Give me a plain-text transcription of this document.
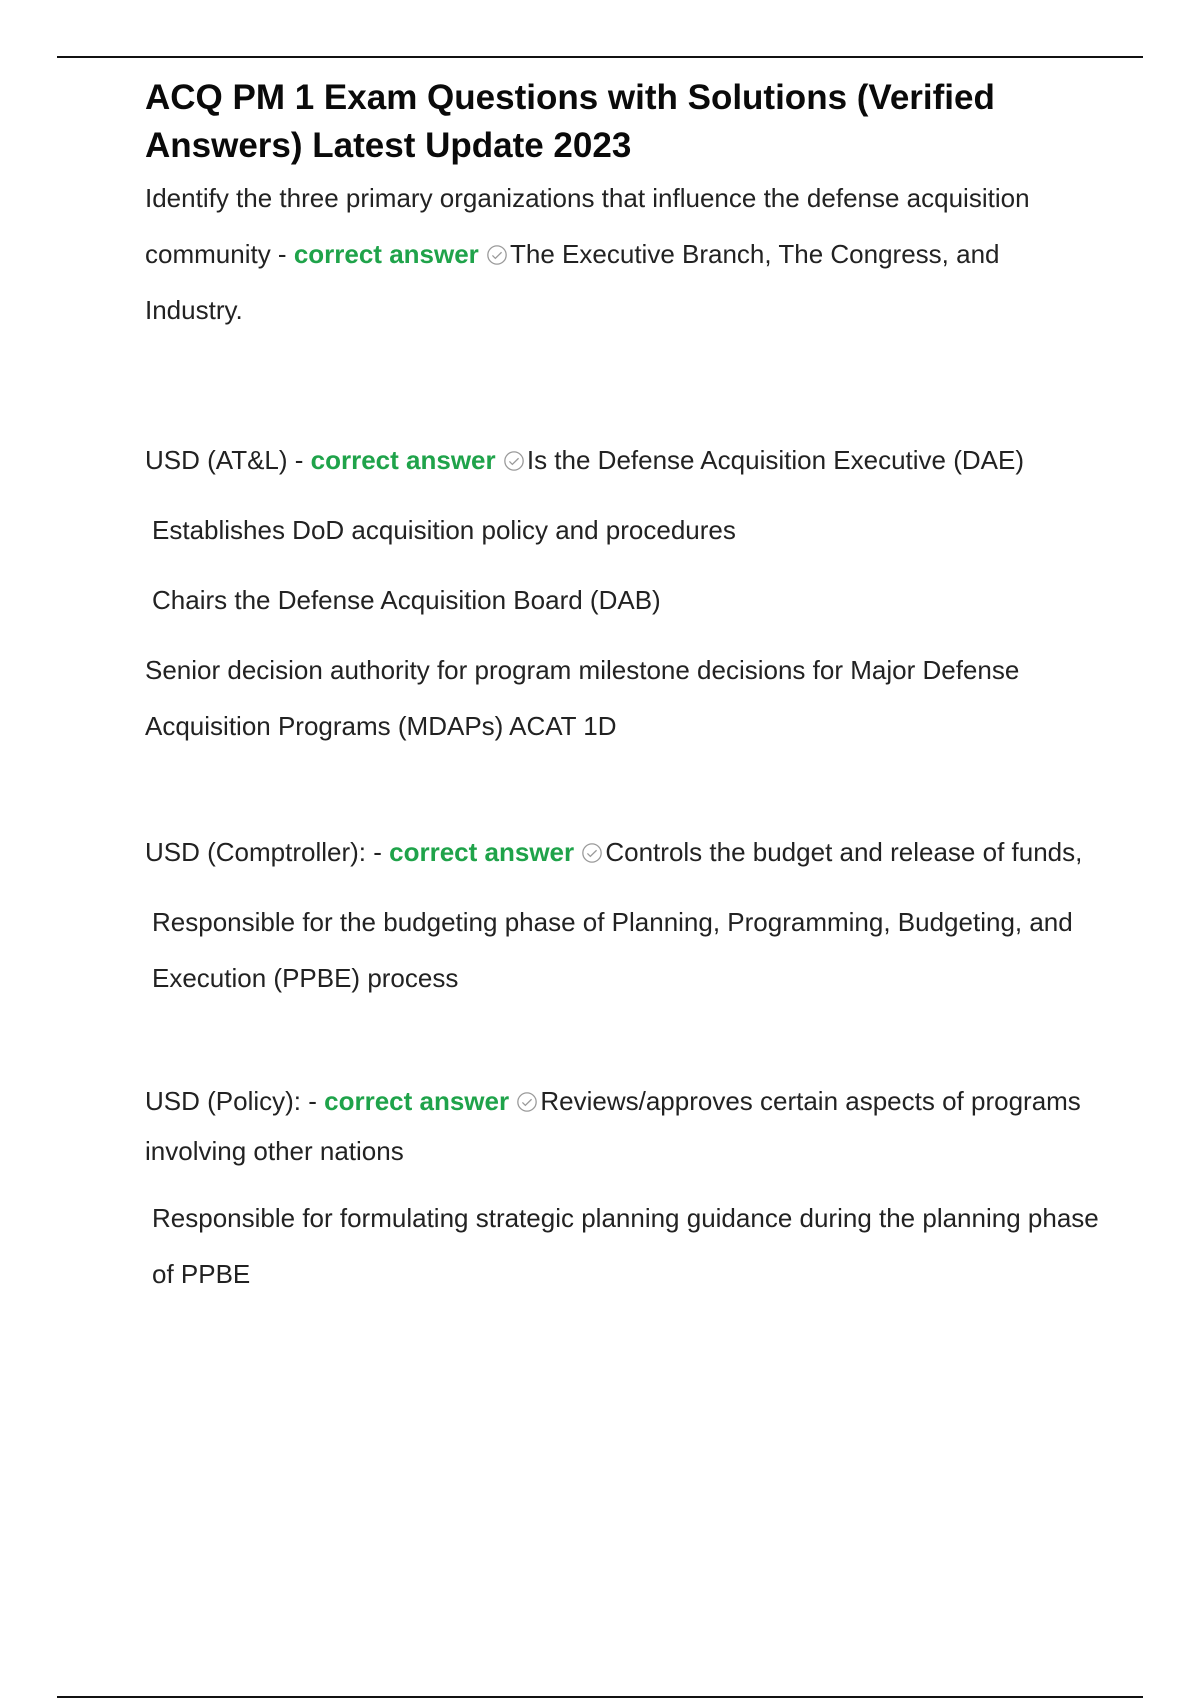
ACQ PM 1 Exam Questions with Solutions (Verified Answers) Latest Update 2023

Identify the three primary organizations that influence the defense acquisition community - correct answer The Executive Branch, The Congress, and Industry.

USD (AT&L) - correct answer Is the Defense Acquisition Executive (DAE)

Establishes DoD acquisition policy and procedures

Chairs the Defense Acquisition Board (DAB)

Senior decision authority for program milestone decisions for Major Defense Acquisition Programs (MDAPs) ACAT 1D

USD (Comptroller): - correct answer Controls the budget and release of funds,

Responsible for the budgeting phase of Planning, Programming, Budgeting, and Execution (PPBE) process

USD (Policy): - correct answer Reviews/approves certain aspects of programs involving other nations

Responsible for formulating strategic planning guidance during the planning phase of PPBE
